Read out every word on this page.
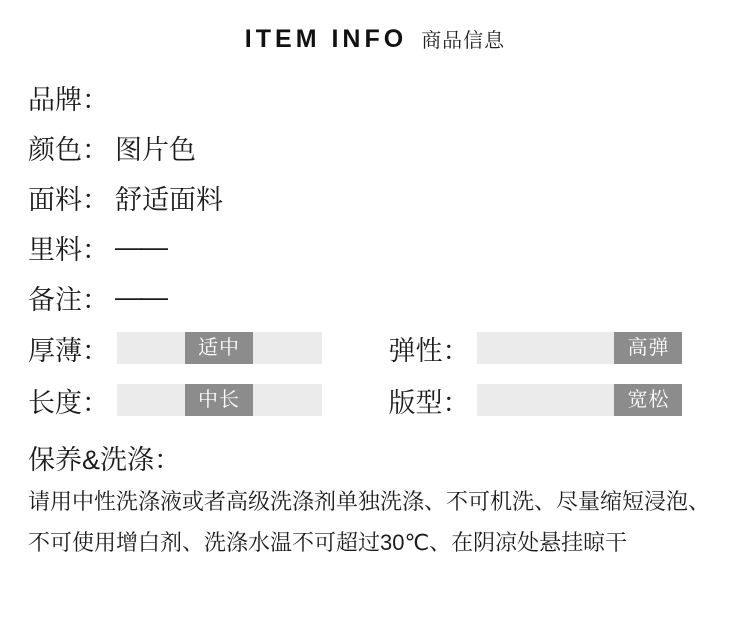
ITEM INFO 商品信息
品牌：
颜色： 图片色
面料： 舒适面料
里料： ——
备注： ——
厚薄：	适中	弹性：	高弹
长度：	中长	版型：	宽松
保养&洗涤：
请用中性洗涤液或者高级洗涤剂单独洗涤、不可机洗、尽量缩短浸泡、不可使用增白剂、洗涤水温不可超过30℃、在阴凉处悬挂晾干
